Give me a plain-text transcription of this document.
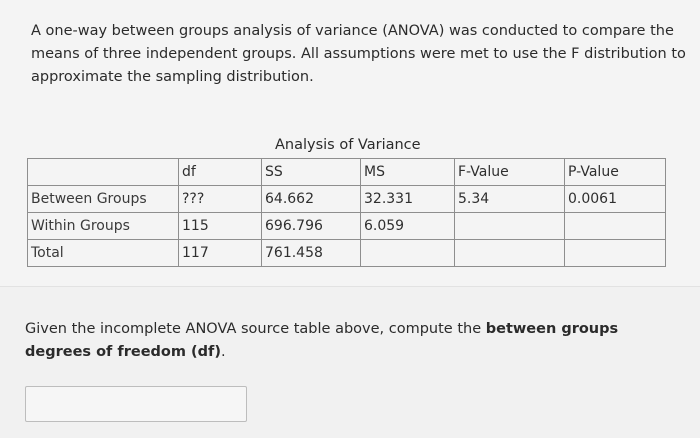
A one-way between groups analysis of variance (ANOVA) was conducted to compare the means of three independent groups. All assumptions were met to use the F distribution to approximate the sampling distribution.
Analysis of Variance
	df	SS	MS	F-Value	P-Value
Between Groups	???	64.662	32.331	5.34	0.0061
Within Groups	115	696.796	6.059		
Total	117	761.458			
Given the incomplete ANOVA source table above, compute the between groups degrees of freedom (df).
